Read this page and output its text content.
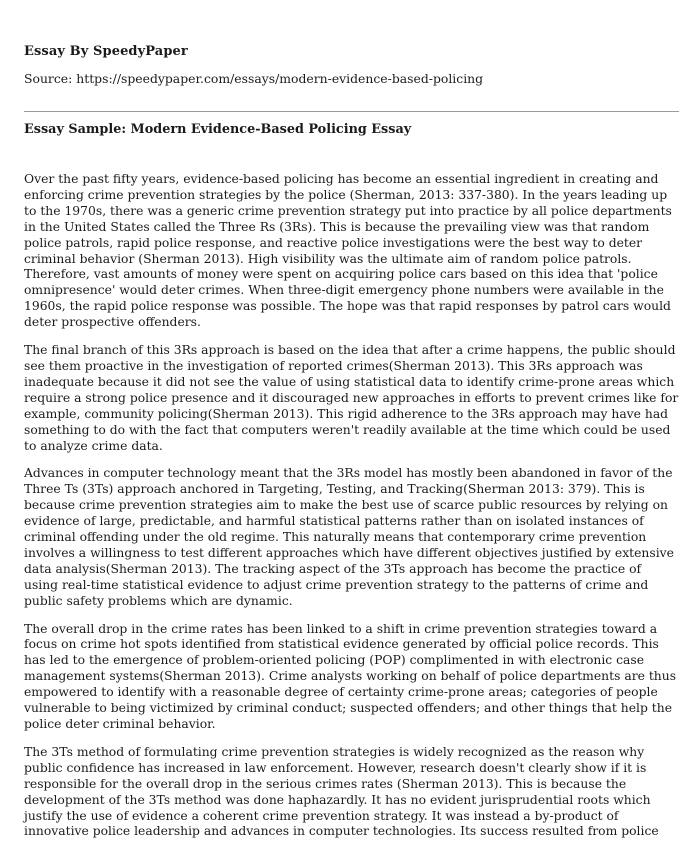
Essay By SpeedyPaper
Source: https://speedypaper.com/essays/modern-evidence-based-policing
Essay Sample: Modern Evidence-Based Policing Essay

Over the past fifty years, evidence-based policing has become an essential ingredient in creating and enforcing crime prevention strategies by the police (Sherman, 2013: 337-380). In the years leading up to the 1970s, there was a generic crime prevention strategy put into practice by all police departments in the United States called the Three Rs (3Rs). This is because the prevailing view was that random police patrols, rapid police response, and reactive police investigations were the best way to deter criminal behavior (Sherman 2013). High visibility was the ultimate aim of random police patrols. Therefore, vast amounts of money were spent on acquiring police cars based on this idea that 'police omnipresence' would deter crimes. When three-digit emergency phone numbers were available in the 1960s, the rapid police response was possible. The hope was that rapid responses by patrol cars would deter prospective offenders.

The final branch of this 3Rs approach is based on the idea that after a crime happens, the public should see them proactive in the investigation of reported crimes(Sherman 2013). This 3Rs approach was inadequate because it did not see the value of using statistical data to identify crime-prone areas which require a strong police presence and it discouraged new approaches in efforts to prevent crimes like for example, community policing(Sherman 2013). This rigid adherence to the 3Rs approach may have had something to do with the fact that computers weren't readily available at the time which could be used to analyze crime data.

Advances in computer technology meant that the 3Rs model has mostly been abandoned in favor of the Three Ts (3Ts) approach anchored in Targeting, Testing, and Tracking(Sherman 2013: 379). This is because crime prevention strategies aim to make the best use of scarce public resources by relying on evidence of large, predictable, and harmful statistical patterns rather than on isolated instances of criminal offending under the old regime. This naturally means that contemporary crime prevention involves a willingness to test different approaches which have different objectives justified by extensive data analysis(Sherman 2013). The tracking aspect of the 3Ts approach has become the practice of using real-time statistical evidence to adjust crime prevention strategy to the patterns of crime and public safety problems which are dynamic.

The overall drop in the crime rates has been linked to a shift in crime prevention strategies toward a focus on crime hot spots identified from statistical evidence generated by official police records. This has led to the emergence of problem-oriented policing (POP) complimented in with electronic case management systems(Sherman 2013). Crime analysts working on behalf of police departments are thus empowered to identify with a reasonable degree of certainty crime-prone areas; categories of people vulnerable to being victimized by criminal conduct; suspected offenders; and other things that help the police deter criminal behavior.

The 3Ts method of formulating crime prevention strategies is widely recognized as the reason why public confidence has increased in law enforcement. However, research doesn't clearly show if it is responsible for the overall drop in the serious crimes rates (Sherman 2013). This is because the development of the 3Ts method was done haphazardly. It has no evident jurisprudential roots which justify the use of evidence a coherent crime prevention strategy. It was instead a by-product of innovative police leadership and advances in computer technologies. Its success resulted from police
